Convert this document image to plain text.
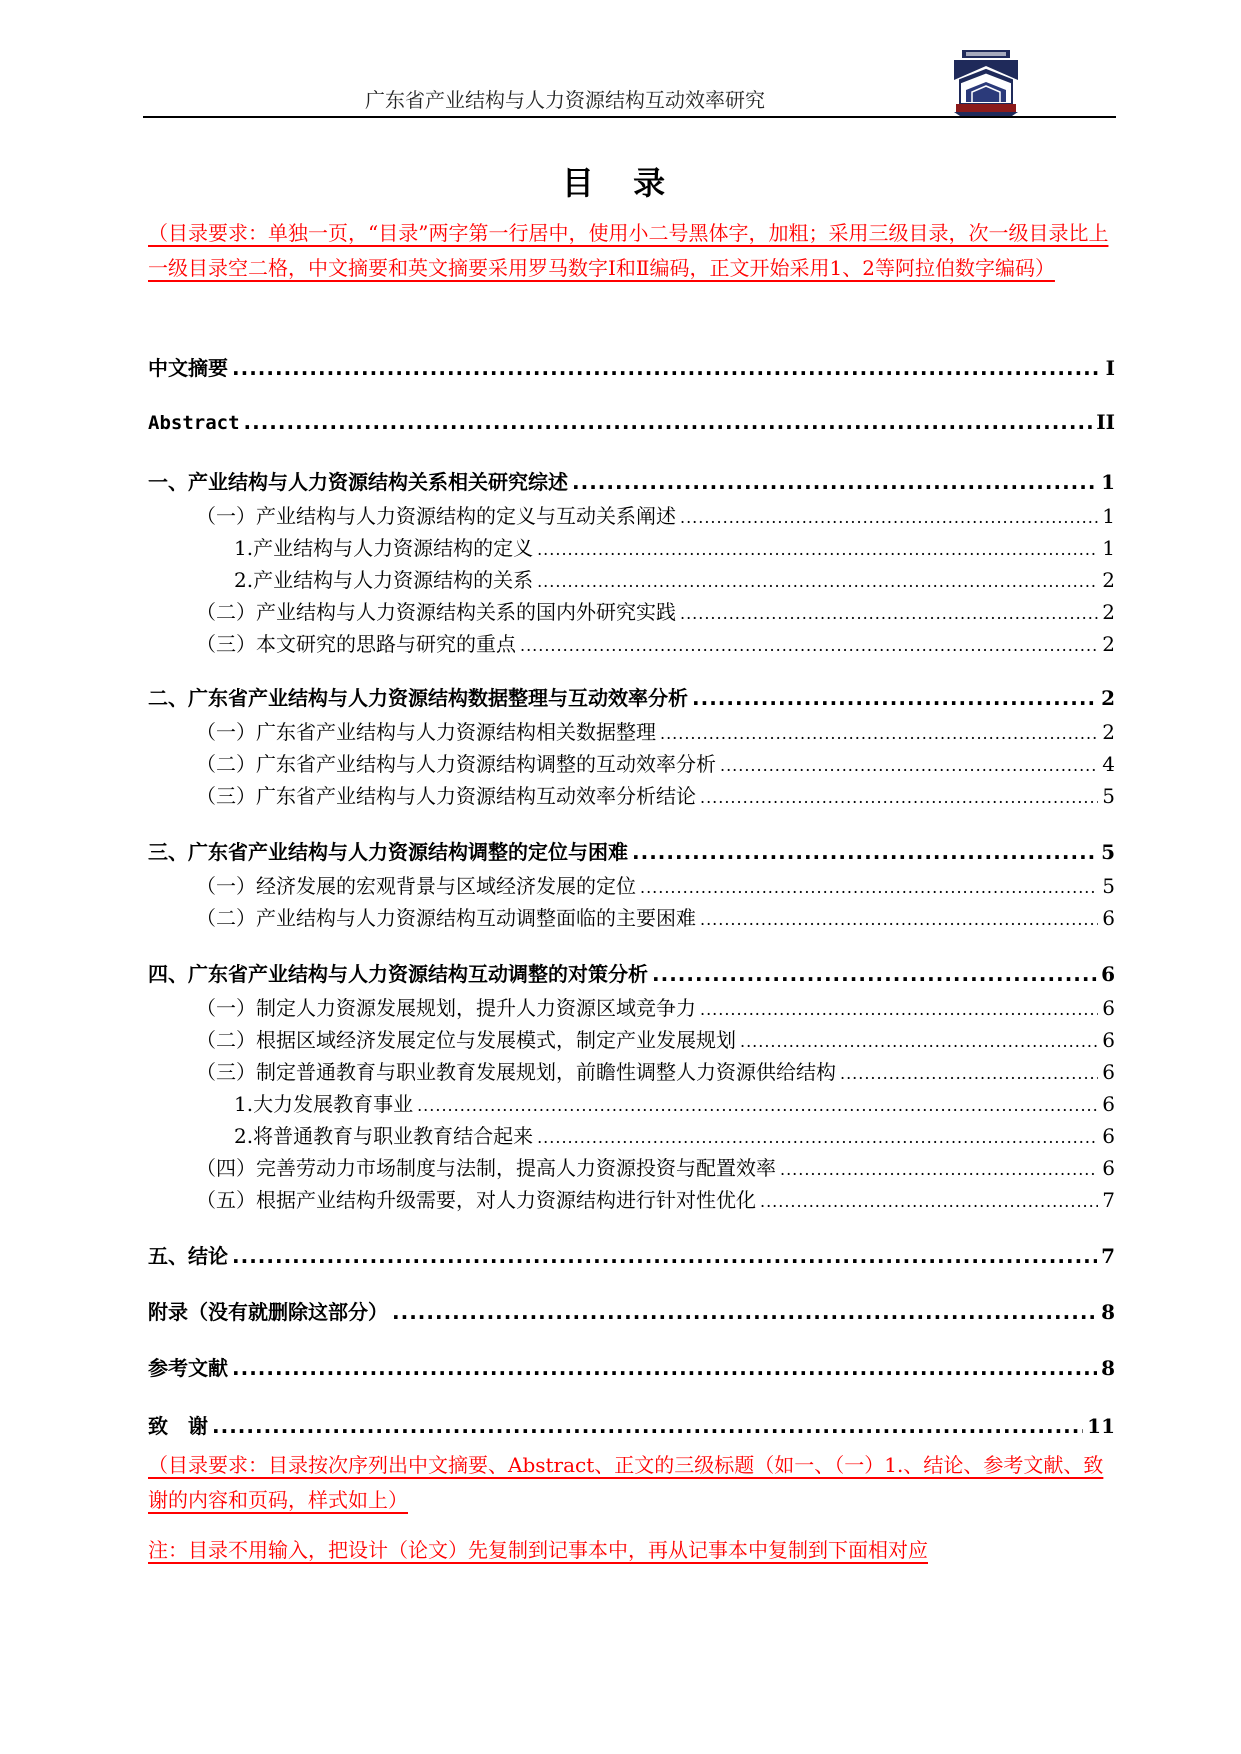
广东省产业结构与人力资源结构互动效率研究
目 录
（目录要求：单独一页，“目录”两字第一行居中，使用小二号黑体字，加粗；采用三级目录，次一级目录比上一级目录空二格，中文摘要和英文摘要采用罗马数字Ⅰ和Ⅱ编码，正文开始采用1、2等阿拉伯数字编码）
中文摘要 .....	I
Abstract .....	II
一、产业结构与人力资源结构关系相关研究综述 .....	1
（一）产业结构与人力资源结构的定义与互动关系阐述 .....	1
1.产业结构与人力资源结构的定义 .....	1
2.产业结构与人力资源结构的关系 .....	2
（二）产业结构与人力资源结构关系的国内外研究实践 .....	2
（三）本文研究的思路与研究的重点 .....	2
二、广东省产业结构与人力资源结构数据整理与互动效率分析 .....	2
（一）广东省产业结构与人力资源结构相关数据整理 .....	2
（二）广东省产业结构与人力资源结构调整的互动效率分析 .....	4
（三）广东省产业结构与人力资源结构互动效率分析结论 .....	5
三、广东省产业结构与人力资源结构调整的定位与困难 .....	5
（一）经济发展的宏观背景与区域经济发展的定位 .....	5
（二）产业结构与人力资源结构互动调整面临的主要困难 .....	6
四、广东省产业结构与人力资源结构互动调整的对策分析 .....	6
（一）制定人力资源发展规划，提升人力资源区域竞争力 .....	6
（二）根据区域经济发展定位与发展模式，制定产业发展规划 .....	6
（三）制定普通教育与职业教育发展规划，前瞻性调整人力资源供给结构 .....	6
1.大力发展教育事业 .....	6
2.将普通教育与职业教育结合起来 .....	6
（四）完善劳动力市场制度与法制，提高人力资源投资与配置效率 .....	6
（五）根据产业结构升级需要，对人力资源结构进行针对性优化 .....	7
五、结论 .....	7
附录（没有就删除这部分） .....	8
参考文献 .....	8
致　谢 .....	11
（目录要求：目录按次序列出中文摘要、Abstract、正文的三级标题（如一、（一）1.、结论、参考文献、致谢的内容和页码，样式如上）
注：目录不用输入，把设计（论文）先复制到记事本中，再从记事本中复制到下面相对应
